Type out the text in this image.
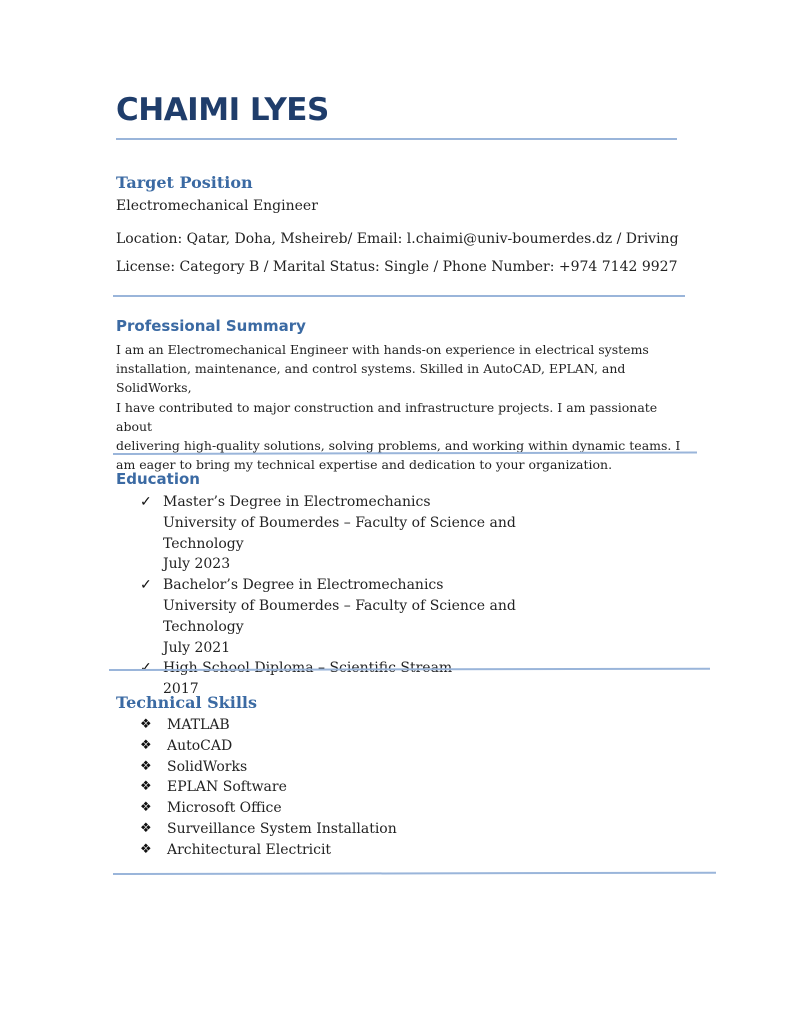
CHAIMI LYES
Target Position

Electromechanical Engineer

Location: Qatar, Doha, Msheireb/ Email: l.chaimi@univ-boumerdes.dz / Driving

License: Category B / Marital Status: Single / Phone Number: +974 7142 9927

Professional Summary

I am an Electromechanical Engineer with hands-on experience in electrical systems

installation, maintenance, and control systems. Skilled in AutoCAD, EPLAN, and SolidWorks,

I have contributed to major construction and infrastructure projects. I am passionate about

delivering high-quality solutions, solving problems, and working within dynamic teams. I

am eager to bring my technical expertise and dedication to your organization.

Education
✓ Master’s Degree in Electromechanics
University of Boumerdes – Faculty of Science and Technology
July 2023
✓ Bachelor’s Degree in Electromechanics
University of Boumerdes – Faculty of Science and Technology
July 2021
✓ High School Diploma – Scientific Stream
2017
Technical Skills
❖ MATLAB
❖ AutoCAD
❖ SolidWorks
❖ EPLAN Software
❖ Microsoft Office
❖ Surveillance System Installation
❖ Architectural Electricit
